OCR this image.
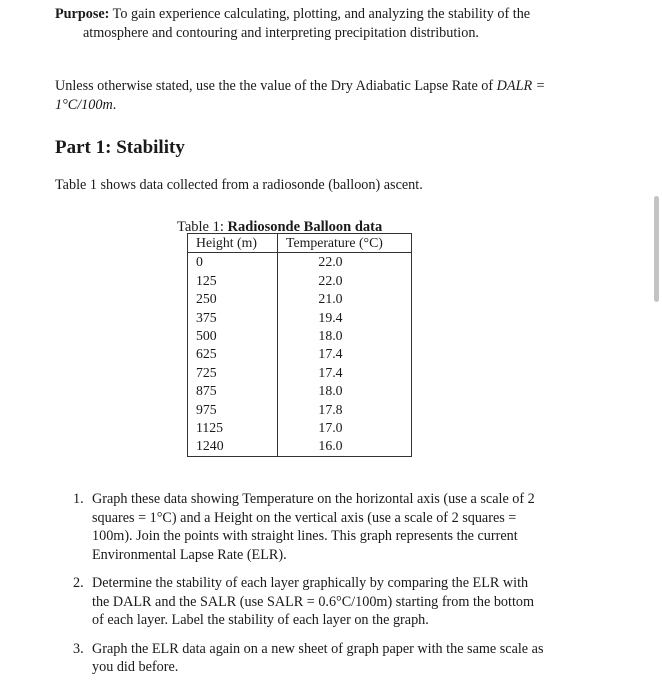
Purpose: To gain experience calculating, plotting, and analyzing the stability of the atmosphere and contouring and interpreting precipitation distribution.
Unless otherwise stated, use the the value of the Dry Adiabatic Lapse Rate of DALR = 1°C/100m.
Part 1: Stability
Table 1 shows data collected from a radiosonde (balloon) ascent.
Table 1: Radiosonde Balloon data
Height (m)	Temperature (°C)
0	22.0
125	22.0
250	21.0
375	19.4
500	18.0
625	17.4
725	17.4
875	18.0
975	17.8
1125	17.0
1240	16.0
1. Graph these data showing Temperature on the horizontal axis (use a scale of 2 squares = 1°C) and a Height on the vertical axis (use a scale of 2 squares = 100m). Join the points with straight lines. This graph represents the current Environmental Lapse Rate (ELR).
2. Determine the stability of each layer graphically by comparing the ELR with the DALR and the SALR (use SALR = 0.6°C/100m) starting from the bottom of each layer. Label the stability of each layer on the graph.
3. Graph the ELR data again on a new sheet of graph paper with the same scale as you did before.
